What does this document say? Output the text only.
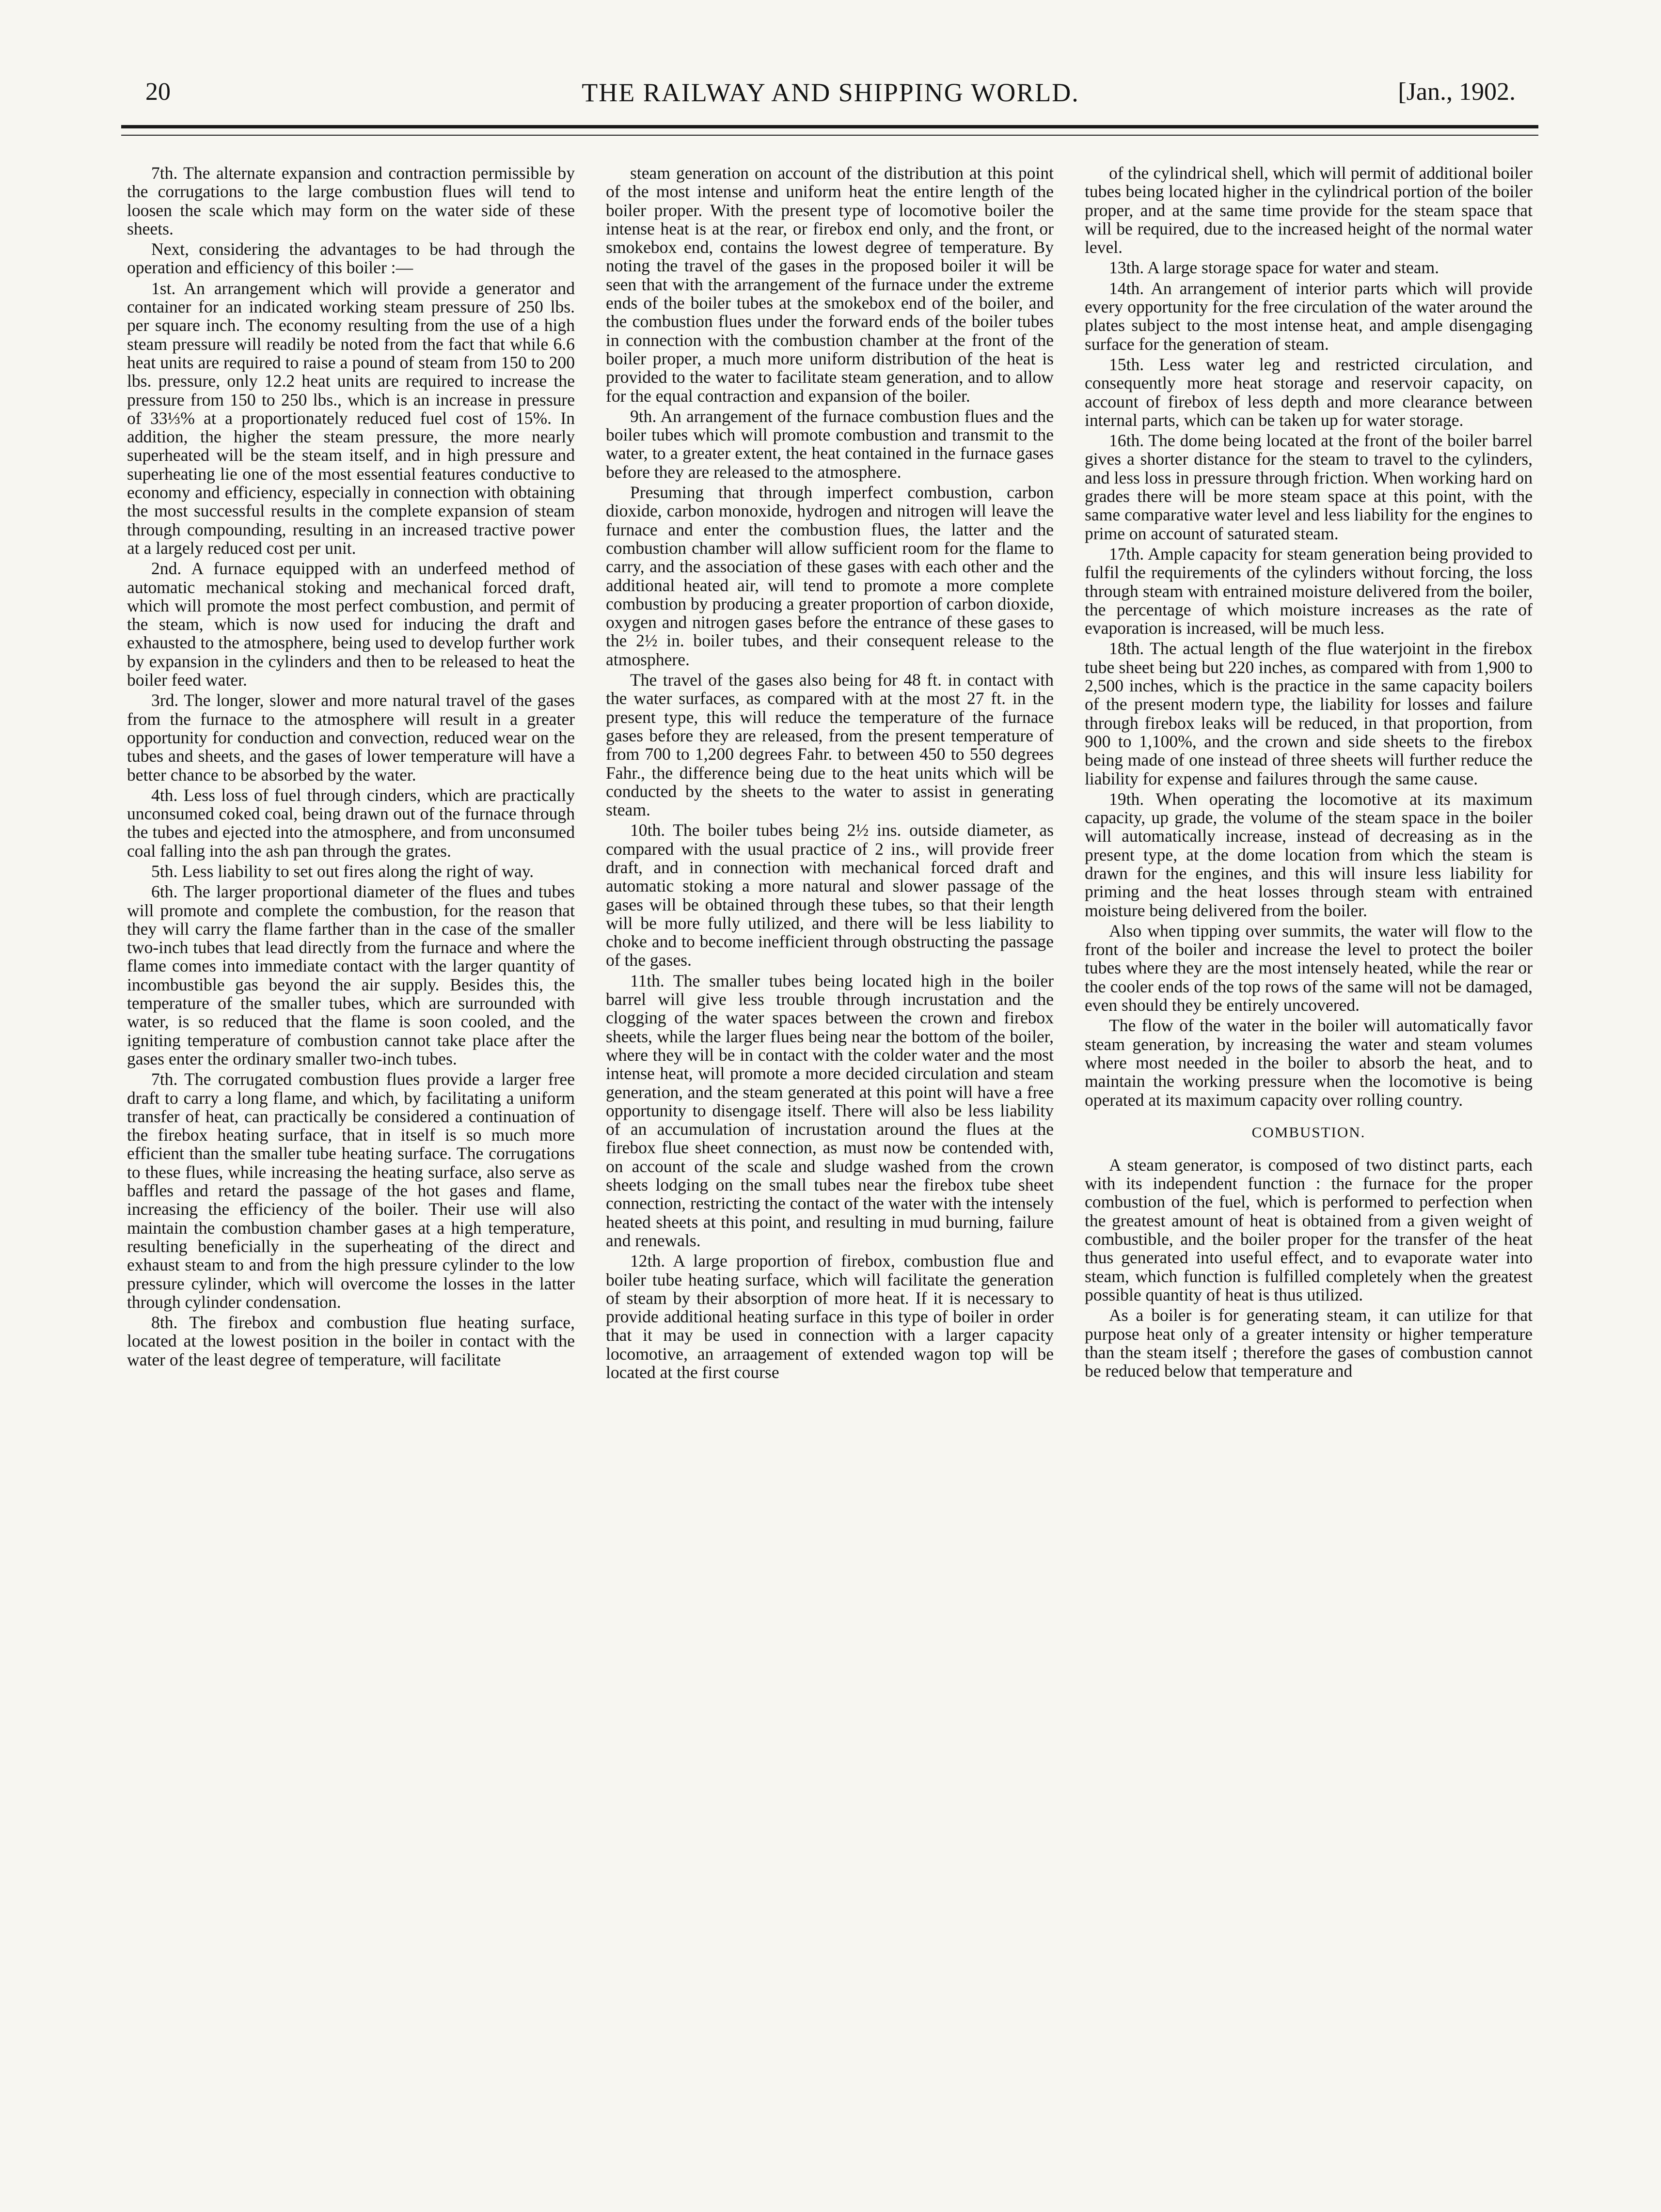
20	THE RAILWAY AND SHIPPING WORLD.	[Jan., 1902.

7th. The alternate expansion and contraction permissible by the corrugations to the large combustion flues will tend to loosen the scale which may form on the water side of these sheets.

Next, considering the advantages to be had through the operation and efficiency of this boiler :—

1st. An arrangement which will provide a generator and container for an indicated working steam pressure of 250 lbs. per square inch. The economy resulting from the use of a high steam pressure will readily be noted from the fact that while 6.6 heat units are required to raise a pound of steam from 150 to 200 lbs. pressure, only 12.2 heat units are required to increase the pressure from 150 to 250 lbs., which is an increase in pressure of 33⅓% at a proportionately reduced fuel cost of 15%. In addition, the higher the steam pressure, the more nearly superheated will be the steam itself, and in high pressure and superheating lie one of the most essential features conductive to economy and efficiency, especially in connection with obtaining the most successful results in the complete expansion of steam through compounding, resulting in an increased tractive power at a largely reduced cost per unit.

2nd. A furnace equipped with an underfeed method of automatic mechanical stoking and mechanical forced draft, which will promote the most perfect combustion, and permit of the steam, which is now used for inducing the draft and exhausted to the atmosphere, being used to develop further work by expansion in the cylinders and then to be released to heat the boiler feed water.

3rd. The longer, slower and more natural travel of the gases from the furnace to the atmosphere will result in a greater opportunity for conduction and convection, reduced wear on the tubes and sheets, and the gases of lower temperature will have a better chance to be absorbed by the water.

4th. Less loss of fuel through cinders, which are practically unconsumed coked coal, being drawn out of the furnace through the tubes and ejected into the atmosphere, and from unconsumed coal falling into the ash pan through the grates.

5th. Less liability to set out fires along the right of way.

6th. The larger proportional diameter of the flues and tubes will promote and complete the combustion, for the reason that they will carry the flame farther than in the case of the smaller two-inch tubes that lead directly from the furnace and where the flame comes into immediate contact with the larger quantity of incombustible gas beyond the air supply. Besides this, the temperature of the smaller tubes, which are surrounded with water, is so reduced that the flame is soon cooled, and the igniting temperature of combustion cannot take place after the gases enter the ordinary smaller two-inch tubes.

7th. The corrugated combustion flues provide a larger free draft to carry a long flame, and which, by facilitating a uniform transfer of heat, can practically be considered a continuation of the firebox heating surface, that in itself is so much more efficient than the smaller tube heating surface. The corrugations to these flues, while increasing the heating surface, also serve as baffles and retard the passage of the hot gases and flame, increasing the efficiency of the boiler. Their use will also maintain the combustion chamber gases at a high temperature, resulting beneficially in the superheating of the direct and exhaust steam to and from the high pressure cylinder to the low pressure cylinder, which will overcome the losses in the latter through cylinder condensation.

8th. The firebox and combustion flue heating surface, located at the lowest position in the boiler in contact with the water of the least degree of temperature, will facilitate

steam generation on account of the distribution at this point of the most intense and uniform heat the entire length of the boiler proper. With the present type of locomotive boiler the intense heat is at the rear, or firebox end only, and the front, or smokebox end, contains the lowest degree of temperature. By noting the travel of the gases in the proposed boiler it will be seen that with the arrangement of the furnace under the extreme ends of the boiler tubes at the smokebox end of the boiler, and the combustion flues under the forward ends of the boiler tubes in connection with the combustion chamber at the front of the boiler proper, a much more uniform distribution of the heat is provided to the water to facilitate steam generation, and to allow for the equal contraction and expansion of the boiler.

9th. An arrangement of the furnace combustion flues and the boiler tubes which will promote combustion and transmit to the water, to a greater extent, the heat contained in the furnace gases before they are released to the atmosphere.

Presuming that through imperfect combustion, carbon dioxide, carbon monoxide, hydrogen and nitrogen will leave the furnace and enter the combustion flues, the latter and the combustion chamber will allow sufficient room for the flame to carry, and the association of these gases with each other and the additional heated air, will tend to promote a more complete combustion by producing a greater proportion of carbon dioxide, oxygen and nitrogen gases before the entrance of these gases to the 2½ in. boiler tubes, and their consequent release to the atmosphere.

The travel of the gases also being for 48 ft. in contact with the water surfaces, as compared with at the most 27 ft. in the present type, this will reduce the temperature of the furnace gases before they are released, from the present temperature of from 700 to 1,200 degrees Fahr. to between 450 to 550 degrees Fahr., the difference being due to the heat units which will be conducted by the sheets to the water to assist in generating steam.

10th. The boiler tubes being 2½ ins. outside diameter, as compared with the usual practice of 2 ins., will provide freer draft, and in connection with mechanical forced draft and automatic stoking a more natural and slower passage of the gases will be obtained through these tubes, so that their length will be more fully utilized, and there will be less liability to choke and to become inefficient through obstructing the passage of the gases.

11th. The smaller tubes being located high in the boiler barrel will give less trouble through incrustation and the clogging of the water spaces between the crown and firebox sheets, while the larger flues being near the bottom of the boiler, where they will be in contact with the colder water and the most intense heat, will promote a more decided circulation and steam generation, and the steam generated at this point will have a free opportunity to disengage itself. There will also be less liability of an accumulation of incrustation around the flues at the firebox flue sheet connection, as must now be contended with, on account of the scale and sludge washed from the crown sheets lodging on the small tubes near the firebox tube sheet connection, restricting the contact of the water with the intensely heated sheets at this point, and resulting in mud burning, failure and renewals.

12th. A large proportion of firebox, combustion flue and boiler tube heating surface, which will facilitate the generation of steam by their absorption of more heat. If it is necessary to provide additional heating surface in this type of boiler in order that it may be used in connection with a larger capacity locomotive, an arraagement of extended wagon top will be located at the first course

of the cylindrical shell, which will permit of additional boiler tubes being located higher in the cylindrical portion of the boiler proper, and at the same time provide for the steam space that will be required, due to the increased height of the normal water level.

13th. A large storage space for water and steam.

14th. An arrangement of interior parts which will provide every opportunity for the free circulation of the water around the plates subject to the most intense heat, and ample disengaging surface for the generation of steam.

15th. Less water leg and restricted circulation, and consequently more heat storage and reservoir capacity, on account of firebox of less depth and more clearance between internal parts, which can be taken up for water storage.

16th. The dome being located at the front of the boiler barrel gives a shorter distance for the steam to travel to the cylinders, and less loss in pressure through friction. When working hard on grades there will be more steam space at this point, with the same comparative water level and less liability for the engines to prime on account of saturated steam.

17th. Ample capacity for steam generation being provided to fulfil the requirements of the cylinders without forcing, the loss through steam with entrained moisture delivered from the boiler, the percentage of which moisture increases as the rate of evaporation is increased, will be much less.

18th. The actual length of the flue waterjoint in the firebox tube sheet being but 220 inches, as compared with from 1,900 to 2,500 inches, which is the practice in the same capacity boilers of the present modern type, the liability for losses and failure through firebox leaks will be reduced, in that proportion, from 900 to 1,100%, and the crown and side sheets to the firebox being made of one instead of three sheets will further reduce the liability for expense and failures through the same cause.

19th. When operating the locomotive at its maximum capacity, up grade, the volume of the steam space in the boiler will automatically increase, instead of decreasing as in the present type, at the dome location from which the steam is drawn for the engines, and this will insure less liability for priming and the heat losses through steam with entrained moisture being delivered from the boiler.

Also when tipping over summits, the water will flow to the front of the boiler and increase the level to protect the boiler tubes where they are the most intensely heated, while the rear or the cooler ends of the top rows of the same will not be damaged, even should they be entirely uncovered.

The flow of the water in the boiler will automatically favor steam generation, by increasing the water and steam volumes where most needed in the boiler to absorb the heat, and to maintain the working pressure when the locomotive is being operated at its maximum capacity over rolling country.

COMBUSTION.

A steam generator, is composed of two distinct parts, each with its independent function : the furnace for the proper combustion of the fuel, which is performed to perfection when the greatest amount of heat is obtained from a given weight of combustible, and the boiler proper for the transfer of the heat thus generated into useful effect, and to evaporate water into steam, which function is fulfilled completely when the greatest possible quantity of heat is thus utilized.

As a boiler is for generating steam, it can utilize for that purpose heat only of a greater intensity or higher temperature than the steam itself ; therefore the gases of combustion cannot be reduced below that temperature and
